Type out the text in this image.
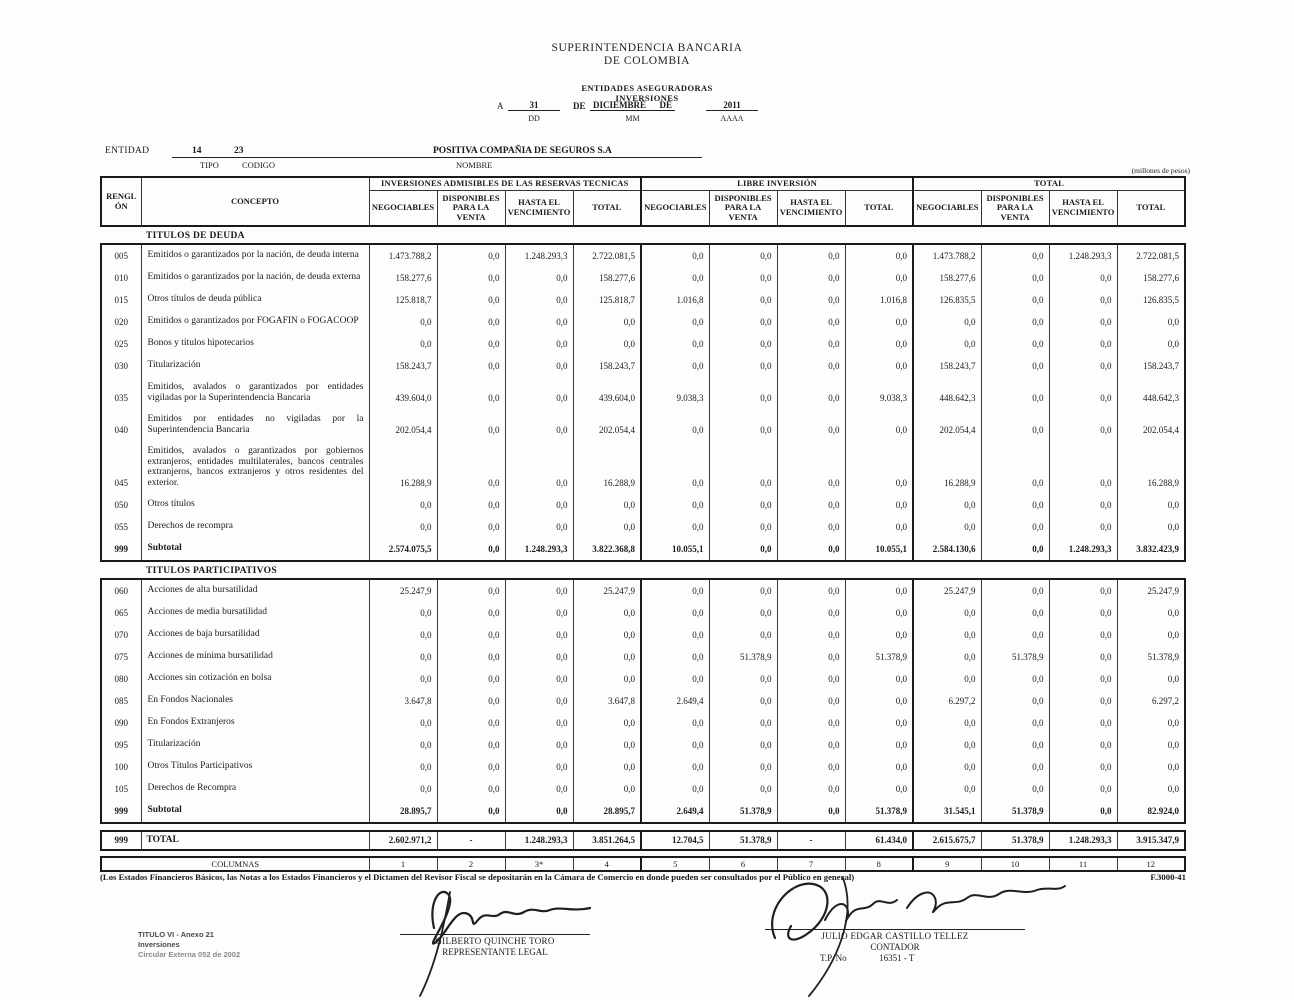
SUPERINTENDENCIA BANCARIA
DE COLOMBIA
ENTIDADES ASEGURADORAS
INVERSIONES
A	31	DE DICIEMBRE DE	2011
DD	MM	AAAA
ENTIDAD	14	23
TIPO	CODIGO
POSITIVA COMPAÑIA DE SEGUROS S.A
NOMBRE
(millones de pesos)
RENGLÓN	CONCEPTO	INVERSIONES ADMISIBLES DE LAS RESERVAS TECNICAS				LIBRE INVERSIÓN				TOTAL			
		NEGOCIABLES	DISPONIBLES PARA LA VENTA	HASTA EL VENCIMIENTO	TOTAL	NEGOCIABLES	DISPONIBLES PARA LA VENTA	HASTA EL VENCIMIENTO	TOTAL	NEGOCIABLES	DISPONIBLES PARA LA VENTA	HASTA EL VENCIMIENTO	TOTAL
TITULOS DE DEUDA
005	Emitidos o garantizados por la nación, de deuda interna	1.473.788,2	0,0	1.248.293,3	2.722.081,5	0,0	0,0	0,0	0,0	1.473.788,2	0,0	1.248.293,3	2.722.081,5
010	Emitidos o garantizados por la nación, de deuda externa	158.277,6	0,0	0,0	158.277,6	0,0	0,0	0,0	0,0	158.277,6	0,0	0,0	158.277,6
015	Otros títulos de deuda pública	125.818,7	0,0	0,0	125.818,7	1.016,8	0,0	0,0	1.016,8	126.835,5	0,0	0,0	126.835,5
020	Emitidos o garantizados por FOGAFIN o FOGACOOP	0,0	0,0	0,0	0,0	0,0	0,0	0,0	0,0	0,0	0,0	0,0	0,0
025	Bonos y títulos hipotecarios	0,0	0,0	0,0	0,0	0,0	0,0	0,0	0,0	0,0	0,0	0,0	0,0
030	Titularización	158.243,7	0,0	0,0	158.243,7	0,0	0,0	0,0	0,0	158.243,7	0,0	0,0	158.243,7
035	Emitidos, avalados o garantizados por entidades vigiladas por la Superintendencia Bancaria	439.604,0	0,0	0,0	439.604,0	9.038,3	0,0	0,0	9.038,3	448.642,3	0,0	0,0	448.642,3
040	Emitidos por entidades no vigiladas por la Superintendencia Bancaria	202.054,4	0,0	0,0	202.054,4	0,0	0,0	0,0	0,0	202.054,4	0,0	0,0	202.054,4
045	Emitidos, avalados o garantizados por gobiernos extranjeros, entidades multilaterales, bancos centrales extranjeros, bancos extranjeros y otros residentes del exterior.	16.288,9	0,0	0,0	16.288,9	0,0	0,0	0,0	0,0	16.288,9	0,0	0,0	16.288,9
050	Otros títulos	0,0	0,0	0,0	0,0	0,0	0,0	0,0	0,0	0,0	0,0	0,0	0,0
055	Derechos de recompra	0,0	0,0	0,0	0,0	0,0	0,0	0,0	0,0	0,0	0,0	0,0	0,0
999	Subtotal	2.574.075,5	0,0	1.248.293,3	3.822.368,8	10.055,1	0,0	0,0	10.055,1	2.584.130,6	0,0	1.248.293,3	3.832.423,9
TITULOS PARTICIPATIVOS
060	Acciones de alta bursatilidad	25.247,9	0,0	0,0	25.247,9	0,0	0,0	0,0	0,0	25.247,9	0,0	0,0	25.247,9
065	Acciones de media bursatilidad	0,0	0,0	0,0	0,0	0,0	0,0	0,0	0,0	0,0	0,0	0,0	0,0
070	Acciones de baja bursatilidad	0,0	0,0	0,0	0,0	0,0	0,0	0,0	0,0	0,0	0,0	0,0	0,0
075	Acciones de mínima bursatilidad	0,0	0,0	0,0	0,0	0,0	51.378,9	0,0	51.378,9	0,0	51.378,9	0,0	51.378,9
080	Acciones sin cotización en bolsa	0,0	0,0	0,0	0,0	0,0	0,0	0,0	0,0	0,0	0,0	0,0	0,0
085	En Fondos Nacionales	3.647,8	0,0	0,0	3.647,8	2.649,4	0,0	0,0	0,0	6.297,2	0,0	0,0	6.297,2
090	En Fondos Extranjeros	0,0	0,0	0,0	0,0	0,0	0,0	0,0	0,0	0,0	0,0	0,0	0,0
095	Titularización	0,0	0,0	0,0	0,0	0,0	0,0	0,0	0,0	0,0	0,0	0,0	0,0
100	Otros Títulos Participativos	0,0	0,0	0,0	0,0	0,0	0,0	0,0	0,0	0,0	0,0	0,0	0,0
105	Derechos de Recompra	0,0	0,0	0,0	0,0	0,0	0,0	0,0	0,0	0,0	0,0	0,0	0,0
999	Subtotal	28.895,7	0,0	0,0	28.895,7	2.649,4	51.378,9	0,0	51.378,9	31.545,1	51.378,9	0,0	82.924,0
999	TOTAL	2.602.971,2	-	1.248.293,3	3.851.264,5	12.704,5	51.378,9	-	61.434,0	2.615.675,7	51.378,9	1.248.293,3	3.915.347,9
COLUMNAS	1	2	3*	4	5	6	7	8	9	10	11	12
(Los Estados Financieros Básicos, las Notas a los Estados Financieros y el Dictamen del Revisor Fiscal se depositarán en la Cámara de Comercio en donde pueden ser consultados por el Público en general)	F.3000-41
GILBERTO QUINCHE TORO
REPRESENTANTE LEGAL
JULIO EDGAR CASTILLO TELLEZ
CONTADOR
T.P. No	16351 - T
TITULO VI - Anexo 21
Inversiones
Circular Externa 052 de 2002
